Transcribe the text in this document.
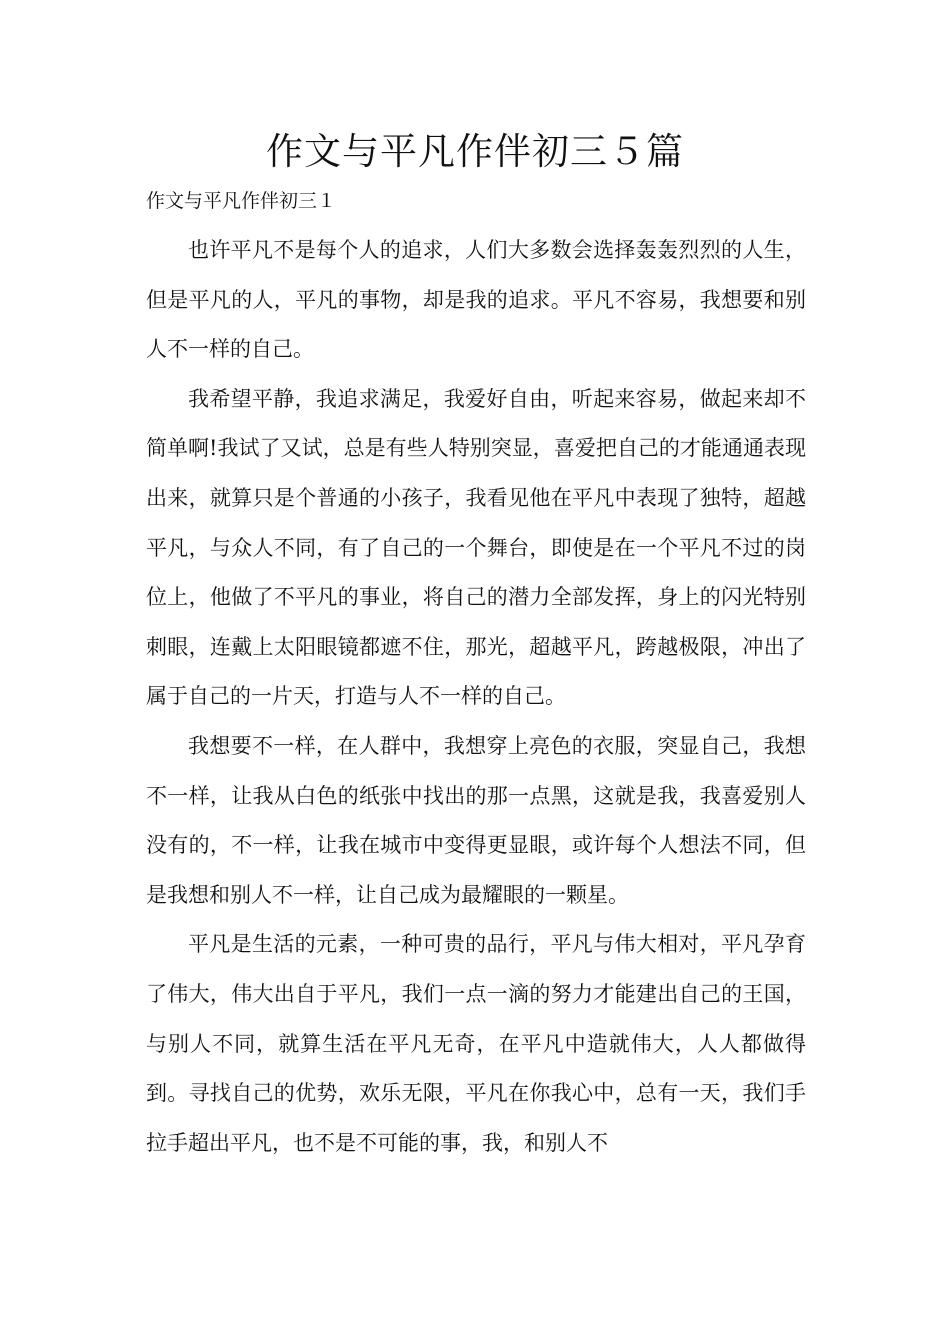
作文与平凡作伴初三５篇
作文与平凡作伴初三１

也许平凡不是每个人的追求，人们大多数会选择轰轰烈烈的人生，但是平凡的人，平凡的事物，却是我的追求。平凡不容易，我想要和别人不一样的自己。

我希望平静，我追求满足，我爱好自由，听起来容易，做起来却不简单啊!我试了又试，总是有些人特别突显，喜爱把自己的才能通通表现出来，就算只是个普通的小孩子，我看见他在平凡中表现了独特，超越平凡，与众人不同，有了自己的一个舞台，即使是在一个平凡不过的岗位上，他做了不平凡的事业，将自己的潜力全部发挥，身上的闪光特别刺眼，连戴上太阳眼镜都遮不住，那光，超越平凡，跨越极限，冲出了属于自己的一片天，打造与人不一样的自己。

我想要不一样，在人群中，我想穿上亮色的衣服，突显自己，我想不一样，让我从白色的纸张中找出的那一点黑，这就是我，我喜爱别人没有的，不一样，让我在城市中变得更显眼，或许每个人想法不同，但是我想和别人不一样，让自己成为最耀眼的一颗星。

平凡是生活的元素，一种可贵的品行，平凡与伟大相对，平凡孕育了伟大，伟大出自于平凡，我们一点一滴的努力才能建出自己的王国，与别人不同，就算生活在平凡无奇，在平凡中造就伟大，人人都做得到。寻找自己的优势，欢乐无限，平凡在你我心中，总有一天，我们手拉手超出平凡，也不是不可能的事，我，和别人不
